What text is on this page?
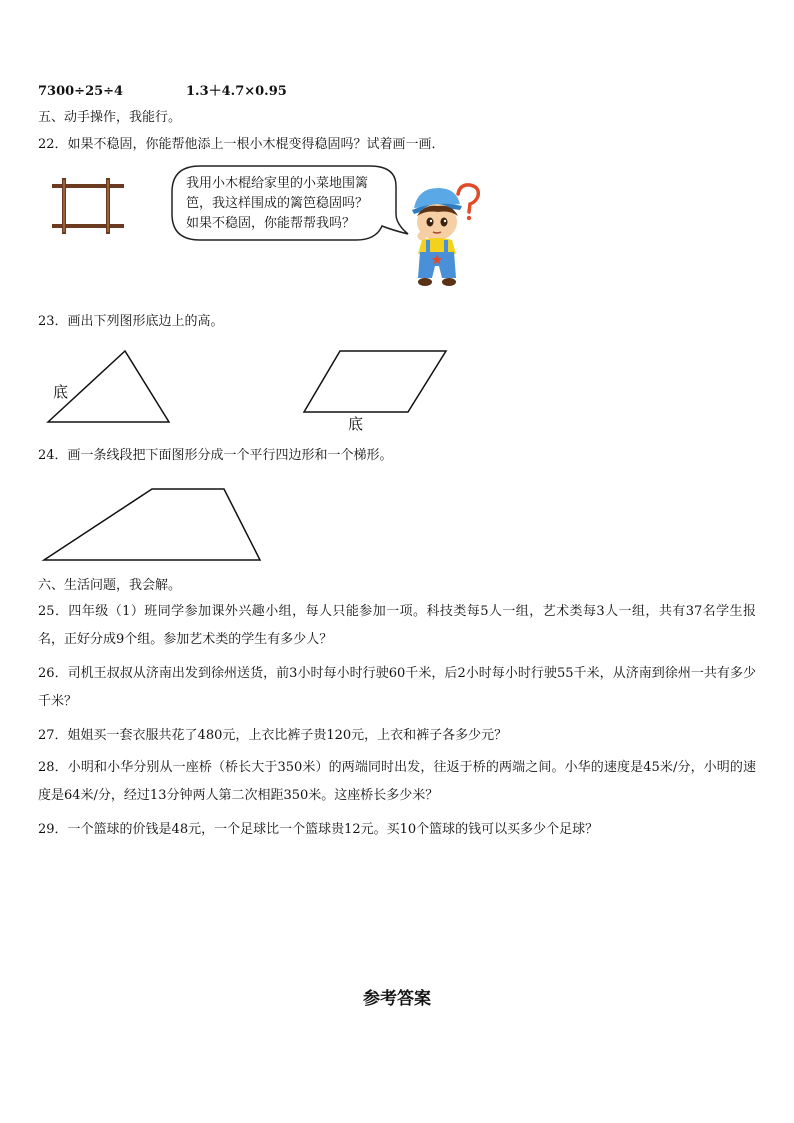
7300÷25÷4	1.3＋4.7×0.95
五、动手操作，我能行。
22．如果不稳固，你能帮他添上一根小木棍变得稳固吗？试着画一画．
我用小木棍给家里的小菜地围篱
笆，我这样围成的篱笆稳固吗？
如果不稳固，你能帮帮我吗？
23．画出下列图形底边上的高。
底
底
24．画一条线段把下面图形分成一个平行四边形和一个梯形。
六、生活问题，我会解。
25．四年级（1）班同学参加课外兴趣小组，每人只能参加一项。科技类每5人一组，艺术类每3人一组，共有37名学生报名，正好分成9个组。参加艺术类的学生有多少人？
26．司机王叔叔从济南出发到徐州送货，前3小时每小时行驶60千米，后2小时每小时行驶55千米，从济南到徐州一共有多少千米？
27．姐姐买一套衣服共花了480元，上衣比裤子贵120元，上衣和裤子各多少元？
28．小明和小华分别从一座桥（桥长大于350米）的两端同时出发，往返于桥的两端之间。小华的速度是45米/分，小明的速度是64米/分，经过13分钟两人第二次相距350米。这座桥长多少米？
29．一个篮球的价钱是48元，一个足球比一个篮球贵12元。买10个篮球的钱可以买多少个足球？
参考答案
